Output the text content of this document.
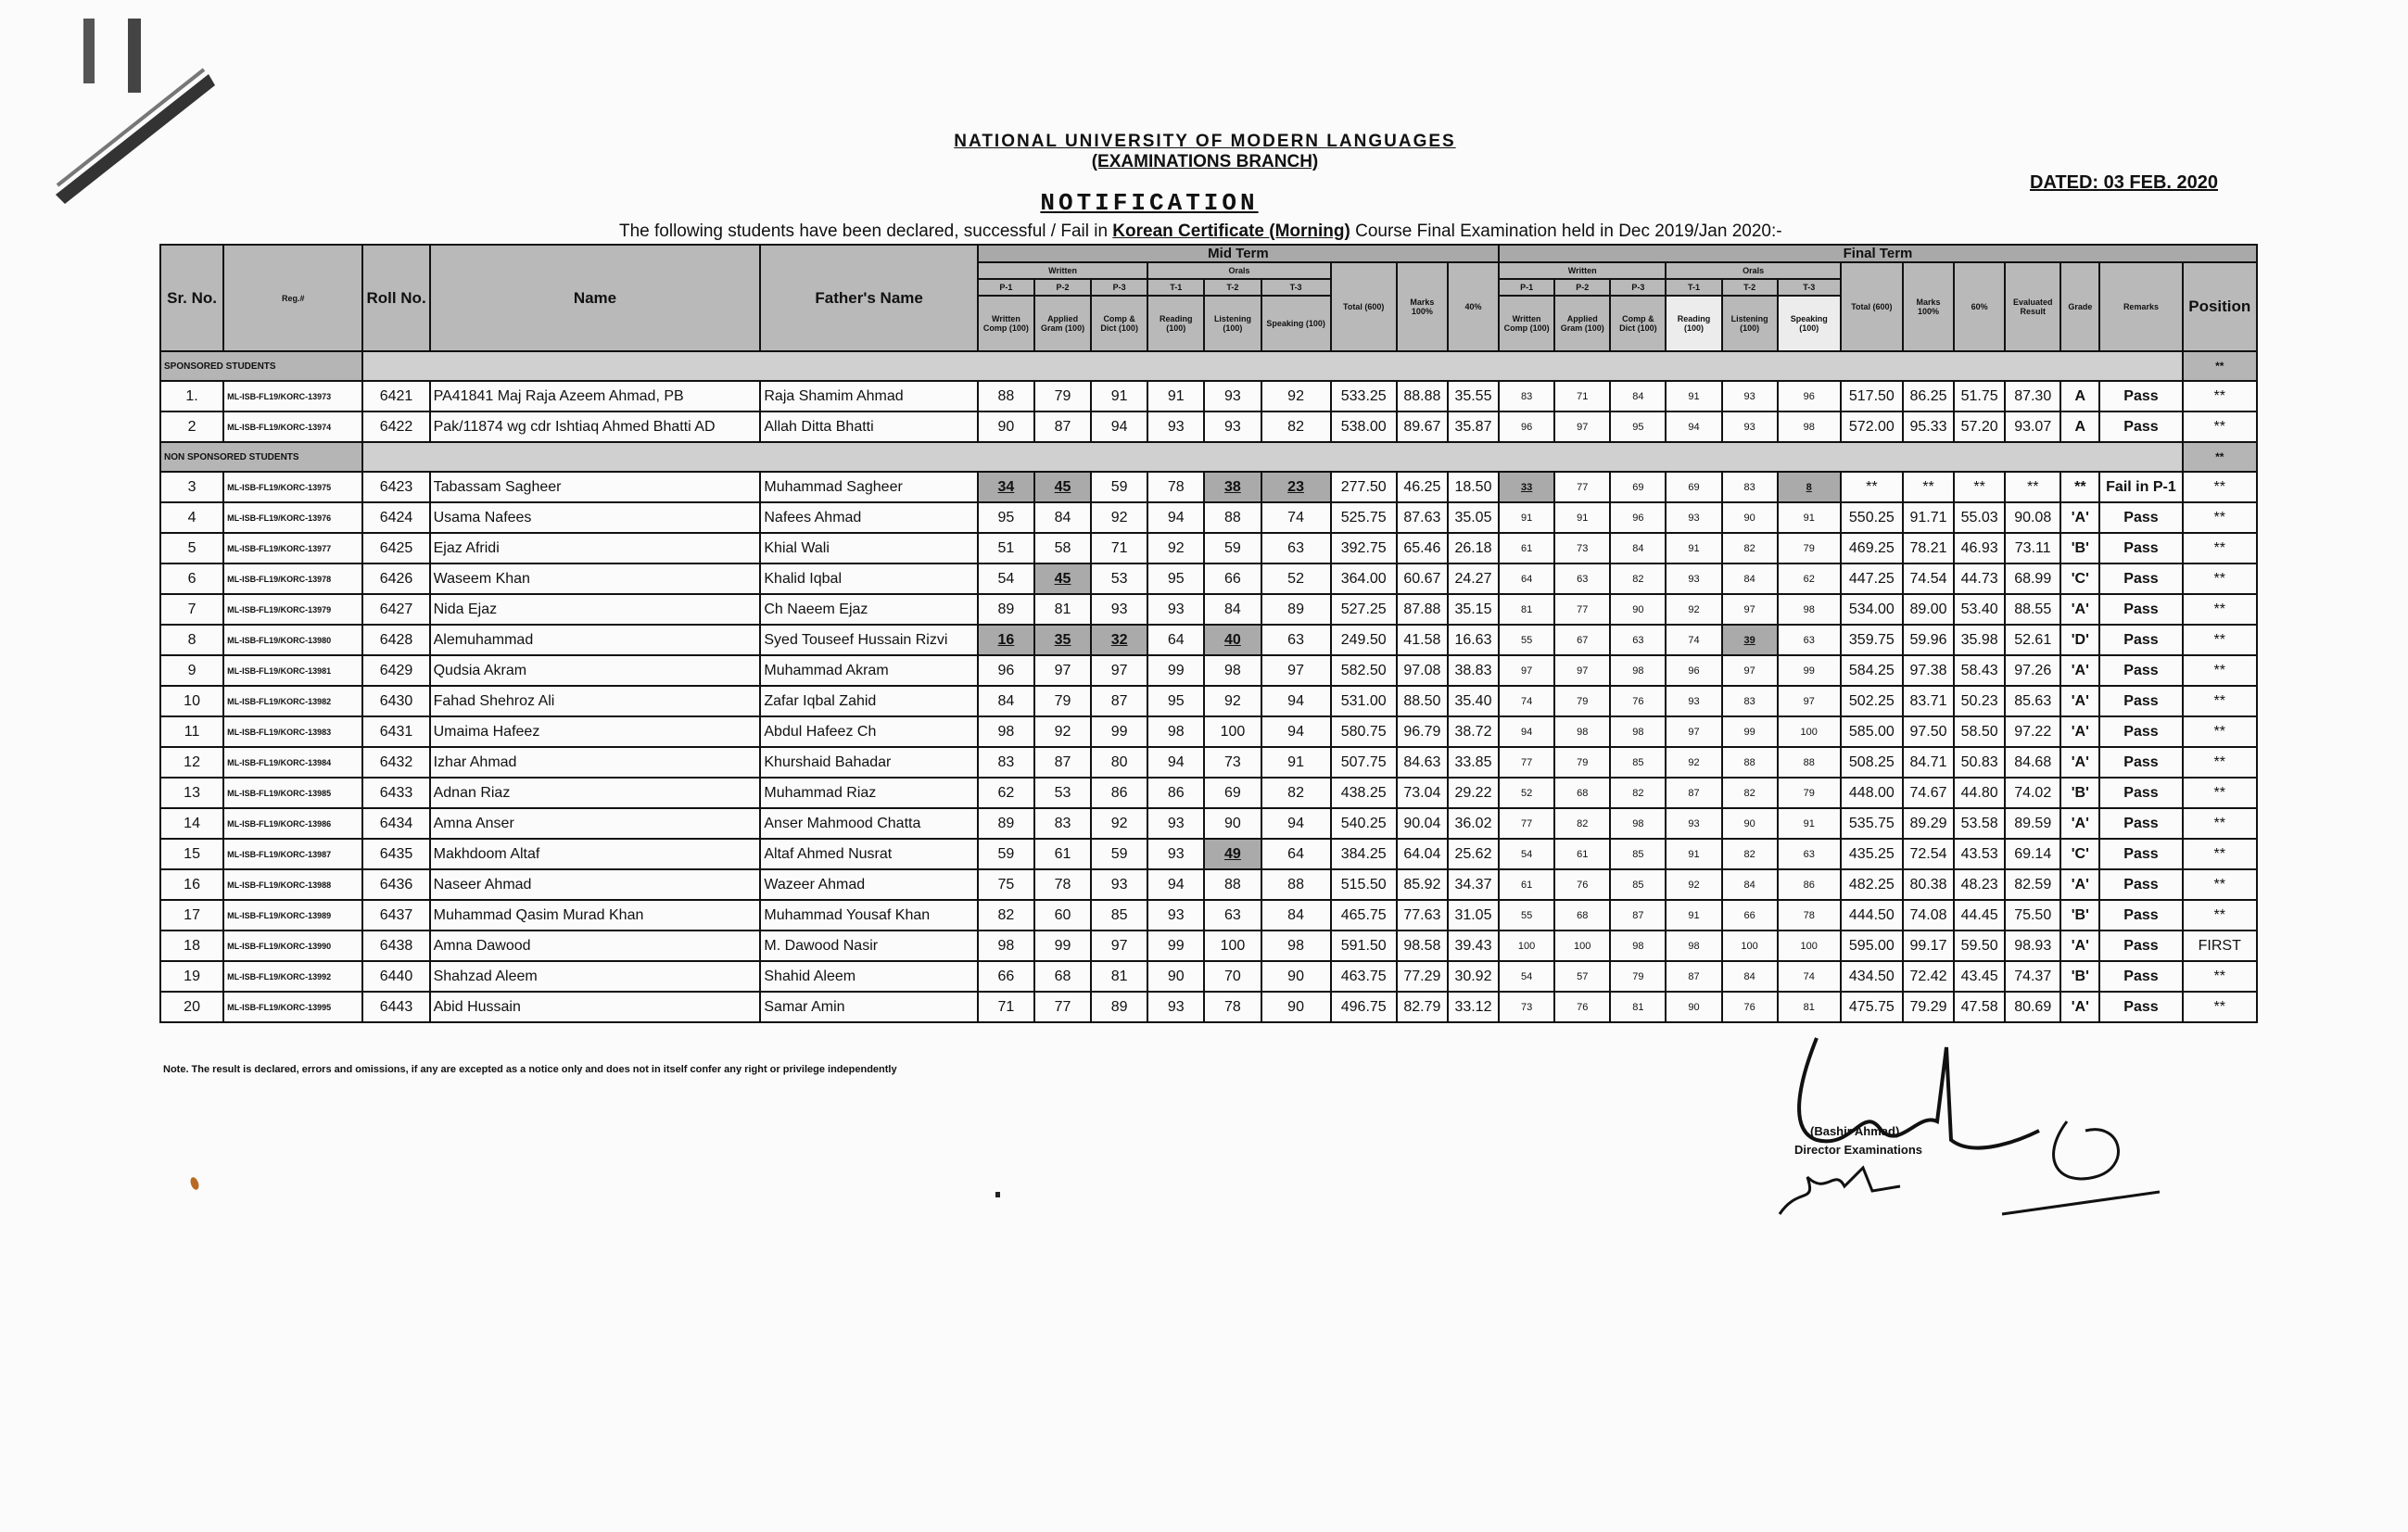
NATIONAL UNIVERSITY OF MODERN LANGUAGES
(EXAMINATIONS BRANCH)
NOTIFICATION
DATED: 03 FEB. 2020
The following students have been declared, successful / Fail in Korean Certificate (Morning) Course Final Examination held in Dec 2019/Jan 2020:-
Sr. No.	Reg.#	Roll No.	Name	Father's Name	Mid Term									Final Term												
					Written			Orals			Total (600)	Marks 100%	40%	Written			Orals			Total (600)	Marks 100%	60%	Evaluated Result	Grade	Remarks	Position
					P-1	P-2	P-3	T-1	T-2	T-3				P-1	P-2	P-3	T-1	T-2	T-3							
					Written Comp (100)	Applied Gram (100)	Comp & Dict (100)	Reading (100)	Listening (100)	Speaking (100)				Written Comp (100)	Applied Gram (100)	Comp & Dict (100)	Reading (100)	Listening (100)	Speaking (100)							
SPONSORED STUDENTS																										**
1.	ML-ISB-FL19/KORC-13973	6421	PA41841 Maj Raja Azeem Ahmad, PB	Raja Shamim Ahmad	88	79	91	91	93	92	533.25	88.88	35.55	83	71	84	91	93	96	517.50	86.25	51.75	87.30	A	Pass	**
2	ML-ISB-FL19/KORC-13974	6422	Pak/11874 wg cdr Ishtiaq Ahmed Bhatti AD	Allah Ditta Bhatti	90	87	94	93	93	82	538.00	89.67	35.87	96	97	95	94	93	98	572.00	95.33	57.20	93.07	A	Pass	**
NON SPONSORED STUDENTS																										**
3	ML-ISB-FL19/KORC-13975	6423	Tabassam Sagheer	Muhammad Sagheer	34	45	59	78	38	23	277.50	46.25	18.50	33	77	69	69	83	8	**	**	**	**	**	Fail in P-1	**
4	ML-ISB-FL19/KORC-13976	6424	Usama Nafees	Nafees Ahmad	95	84	92	94	88	74	525.75	87.63	35.05	91	91	96	93	90	91	550.25	91.71	55.03	90.08	'A'	Pass	**
5	ML-ISB-FL19/KORC-13977	6425	Ejaz Afridi	Khial Wali	51	58	71	92	59	63	392.75	65.46	26.18	61	73	84	91	82	79	469.25	78.21	46.93	73.11	'B'	Pass	**
6	ML-ISB-FL19/KORC-13978	6426	Waseem Khan	Khalid Iqbal	54	45	53	95	66	52	364.00	60.67	24.27	64	63	82	93	84	62	447.25	74.54	44.73	68.99	'C'	Pass	**
7	ML-ISB-FL19/KORC-13979	6427	Nida Ejaz	Ch Naeem Ejaz	89	81	93	93	84	89	527.25	87.88	35.15	81	77	90	92	97	98	534.00	89.00	53.40	88.55	'A'	Pass	**
8	ML-ISB-FL19/KORC-13980	6428	Alemuhammad	Syed Touseef Hussain Rizvi	16	35	32	64	40	63	249.50	41.58	16.63	55	67	63	74	39	63	359.75	59.96	35.98	52.61	'D'	Pass	**
9	ML-ISB-FL19/KORC-13981	6429	Qudsia Akram	Muhammad Akram	96	97	97	99	98	97	582.50	97.08	38.83	97	97	98	96	97	99	584.25	97.38	58.43	97.26	'A'	Pass	**
10	ML-ISB-FL19/KORC-13982	6430	Fahad Shehroz Ali	Zafar Iqbal Zahid	84	79	87	95	92	94	531.00	88.50	35.40	74	79	76	93	83	97	502.25	83.71	50.23	85.63	'A'	Pass	**
11	ML-ISB-FL19/KORC-13983	6431	Umaima Hafeez	Abdul Hafeez Ch	98	92	99	98	100	94	580.75	96.79	38.72	94	98	98	97	99	100	585.00	97.50	58.50	97.22	'A'	Pass	**
12	ML-ISB-FL19/KORC-13984	6432	Izhar Ahmad	Khurshaid Bahadar	83	87	80	94	73	91	507.75	84.63	33.85	77	79	85	92	88	88	508.25	84.71	50.83	84.68	'A'	Pass	**
13	ML-ISB-FL19/KORC-13985	6433	Adnan Riaz	Muhammad Riaz	62	53	86	86	69	82	438.25	73.04	29.22	52	68	82	87	82	79	448.00	74.67	44.80	74.02	'B'	Pass	**
14	ML-ISB-FL19/KORC-13986	6434	Amna Anser	Anser Mahmood Chatta	89	83	92	93	90	94	540.25	90.04	36.02	77	82	98	93	90	91	535.75	89.29	53.58	89.59	'A'	Pass	**
15	ML-ISB-FL19/KORC-13987	6435	Makhdoom Altaf	Altaf Ahmed Nusrat	59	61	59	93	49	64	384.25	64.04	25.62	54	61	85	91	82	63	435.25	72.54	43.53	69.14	'C'	Pass	**
16	ML-ISB-FL19/KORC-13988	6436	Naseer Ahmad	Wazeer Ahmad	75	78	93	94	88	88	515.50	85.92	34.37	61	76	85	92	84	86	482.25	80.38	48.23	82.59	'A'	Pass	**
17	ML-ISB-FL19/KORC-13989	6437	Muhammad Qasim Murad Khan	Muhammad Yousaf Khan	82	60	85	93	63	84	465.75	77.63	31.05	55	68	87	91	66	78	444.50	74.08	44.45	75.50	'B'	Pass	**
18	ML-ISB-FL19/KORC-13990	6438	Amna Dawood	M. Dawood Nasir	98	99	97	99	100	98	591.50	98.58	39.43	100	100	98	98	100	100	595.00	99.17	59.50	98.93	'A'	Pass	FIRST
19	ML-ISB-FL19/KORC-13992	6440	Shahzad Aleem	Shahid Aleem	66	68	81	90	70	90	463.75	77.29	30.92	54	57	79	87	84	74	434.50	72.42	43.45	74.37	'B'	Pass	**
20	ML-ISB-FL19/KORC-13995	6443	Abid Hussain	Samar Amin	71	77	89	93	78	90	496.75	82.79	33.12	73	76	81	90	76	81	475.75	79.29	47.58	80.69	'A'	Pass	**
Note. The result is declared, errors and omissions, if any are excepted as a notice only and does not in itself confer any right or privilege independently
(Bashir Ahmad)
Director Examinations
